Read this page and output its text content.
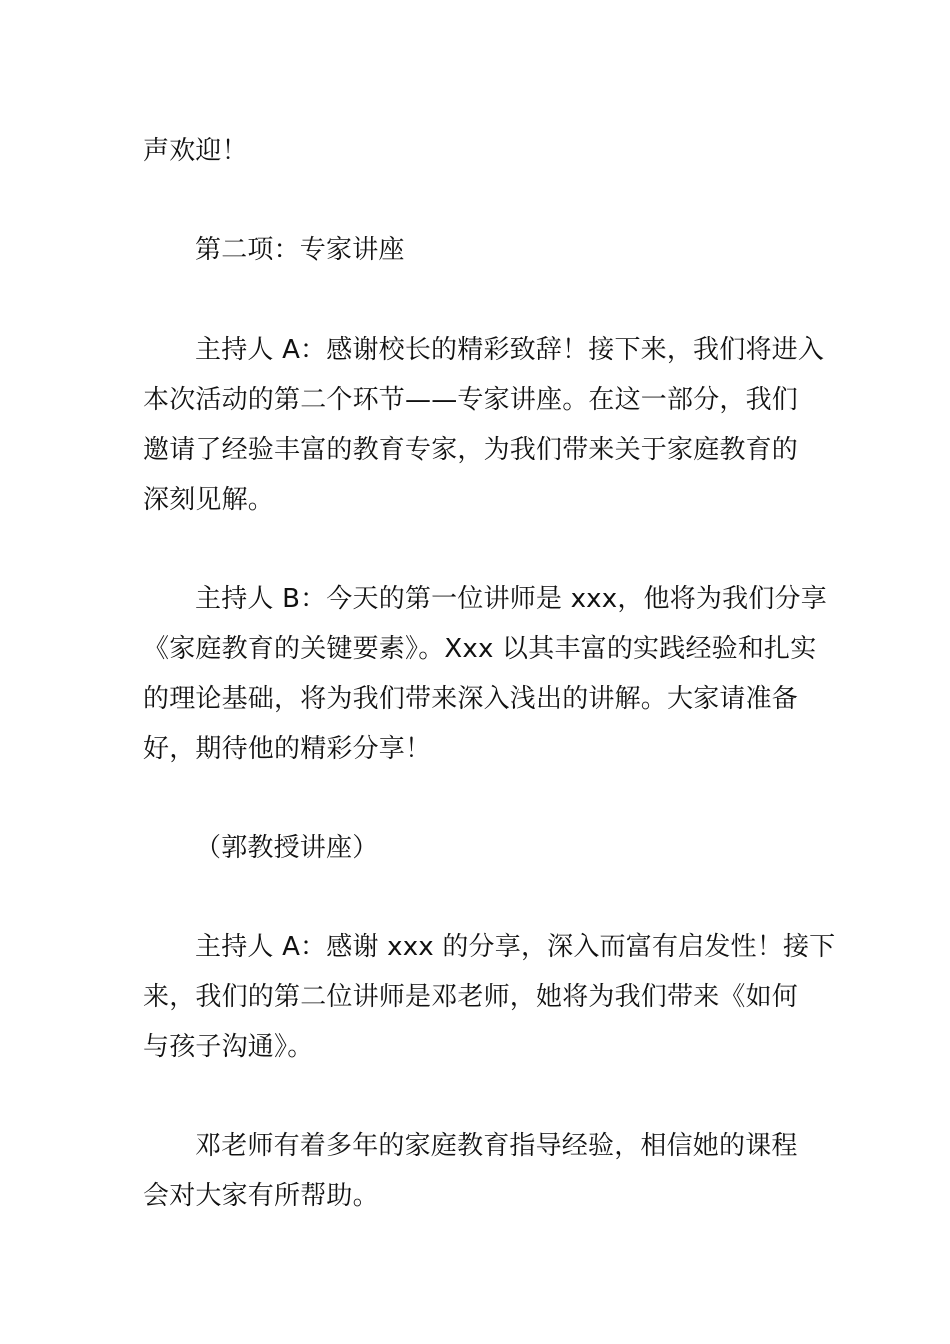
声欢迎！

第二项：专家讲座

主持人 A：感谢校长的精彩致辞！接下来，我们将进入

本次活动的第二个环节——专家讲座。在这一部分，我们

邀请了经验丰富的教育专家，为我们带来关于家庭教育的

深刻见解。

主持人 B：今天的第一位讲师是 xxx，他将为我们分享

《家庭教育的关键要素》。Xxx 以其丰富的实践经验和扎实

的理论基础，将为我们带来深入浅出的讲解。大家请准备

好，期待他的精彩分享！

（郭教授讲座）

主持人 A：感谢 xxx 的分享，深入而富有启发性！接下

来，我们的第二位讲师是邓老师，她将为我们带来《如何

与孩子沟通》。

邓老师有着多年的家庭教育指导经验，相信她的课程

会对大家有所帮助。
